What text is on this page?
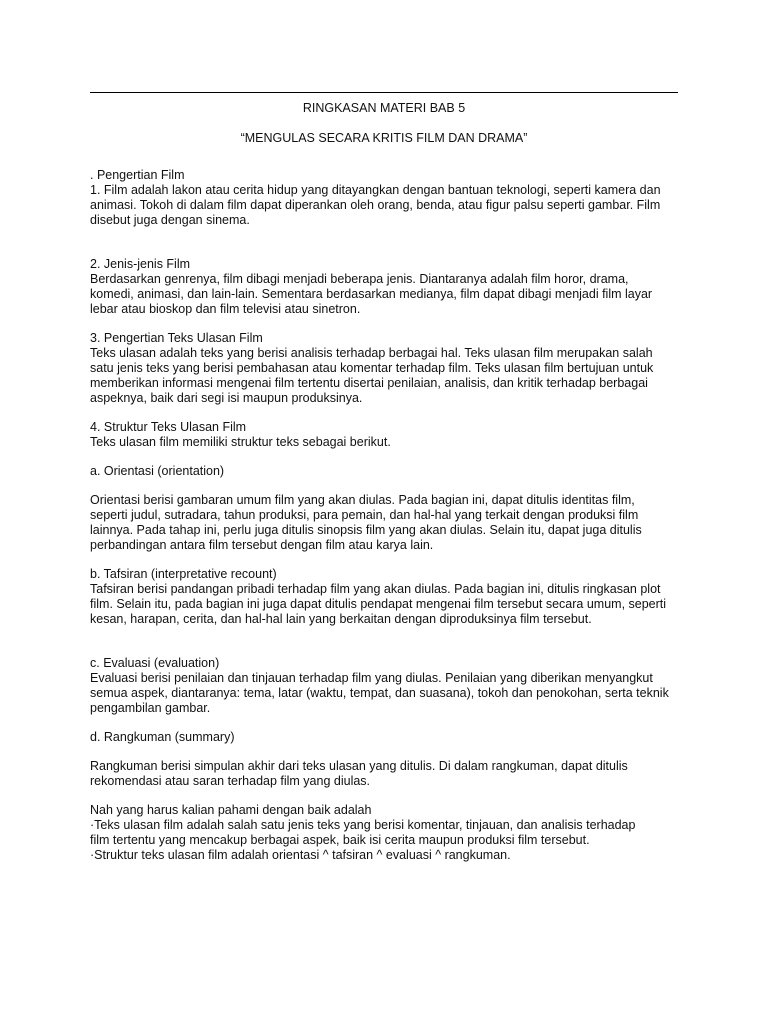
RINGKASAN MATERI BAB 5
“MENGULAS SECARA KRITIS FILM DAN DRAMA”

. Pengertian Film

1. Film adalah lakon atau cerita hidup yang ditayangkan dengan bantuan teknologi, seperti kamera dan

animasi. Tokoh di dalam film dapat diperankan oleh orang, benda, atau figur palsu seperti gambar. Film

disebut juga dengan sinema.

2. Jenis-jenis Film

Berdasarkan genrenya, film dibagi menjadi beberapa jenis. Diantaranya adalah film horor, drama,

komedi, animasi, dan lain-lain. Sementara berdasarkan medianya, film dapat dibagi menjadi film layar

lebar atau bioskop dan film televisi atau sinetron.

3. Pengertian Teks Ulasan Film

Teks ulasan adalah teks yang berisi analisis terhadap berbagai hal. Teks ulasan film merupakan salah

satu jenis teks yang berisi pembahasan atau komentar terhadap film. Teks ulasan film bertujuan untuk

memberikan informasi mengenai film tertentu disertai penilaian, analisis, dan kritik terhadap berbagai

aspeknya, baik dari segi isi maupun produksinya.

4. Struktur Teks Ulasan Film

Teks ulasan film memiliki struktur teks sebagai berikut.

a. Orientasi (orientation)

Orientasi berisi gambaran umum film yang akan diulas. Pada bagian ini, dapat ditulis identitas film,

seperti judul, sutradara, tahun produksi, para pemain, dan hal-hal yang terkait dengan produksi film

lainnya. Pada tahap ini, perlu juga ditulis sinopsis film yang akan diulas. Selain itu, dapat juga ditulis

perbandingan antara film tersebut dengan film atau karya lain.

b. Tafsiran (interpretative recount)

Tafsiran berisi pandangan pribadi terhadap film yang akan diulas. Pada bagian ini, ditulis ringkasan plot

film. Selain itu, pada bagian ini juga dapat ditulis pendapat mengenai film tersebut secara umum, seperti

kesan, harapan, cerita, dan hal-hal lain yang berkaitan dengan diproduksinya film tersebut.

c. Evaluasi (evaluation)

Evaluasi berisi penilaian dan tinjauan terhadap film yang diulas. Penilaian yang diberikan menyangkut

semua aspek, diantaranya: tema, latar (waktu, tempat, dan suasana), tokoh dan penokohan, serta teknik

pengambilan gambar.

d. Rangkuman (summary)

Rangkuman berisi simpulan akhir dari teks ulasan yang ditulis. Di dalam rangkuman, dapat ditulis

rekomendasi atau saran terhadap film yang diulas.

Nah yang harus kalian pahami dengan baik adalah

·Teks ulasan film adalah salah satu jenis teks yang berisi komentar, tinjauan, dan analisis terhadap

film tertentu yang mencakup berbagai aspek, baik isi cerita maupun produksi film tersebut.

·Struktur teks ulasan film adalah orientasi ^ tafsiran ^ evaluasi ^ rangkuman.
